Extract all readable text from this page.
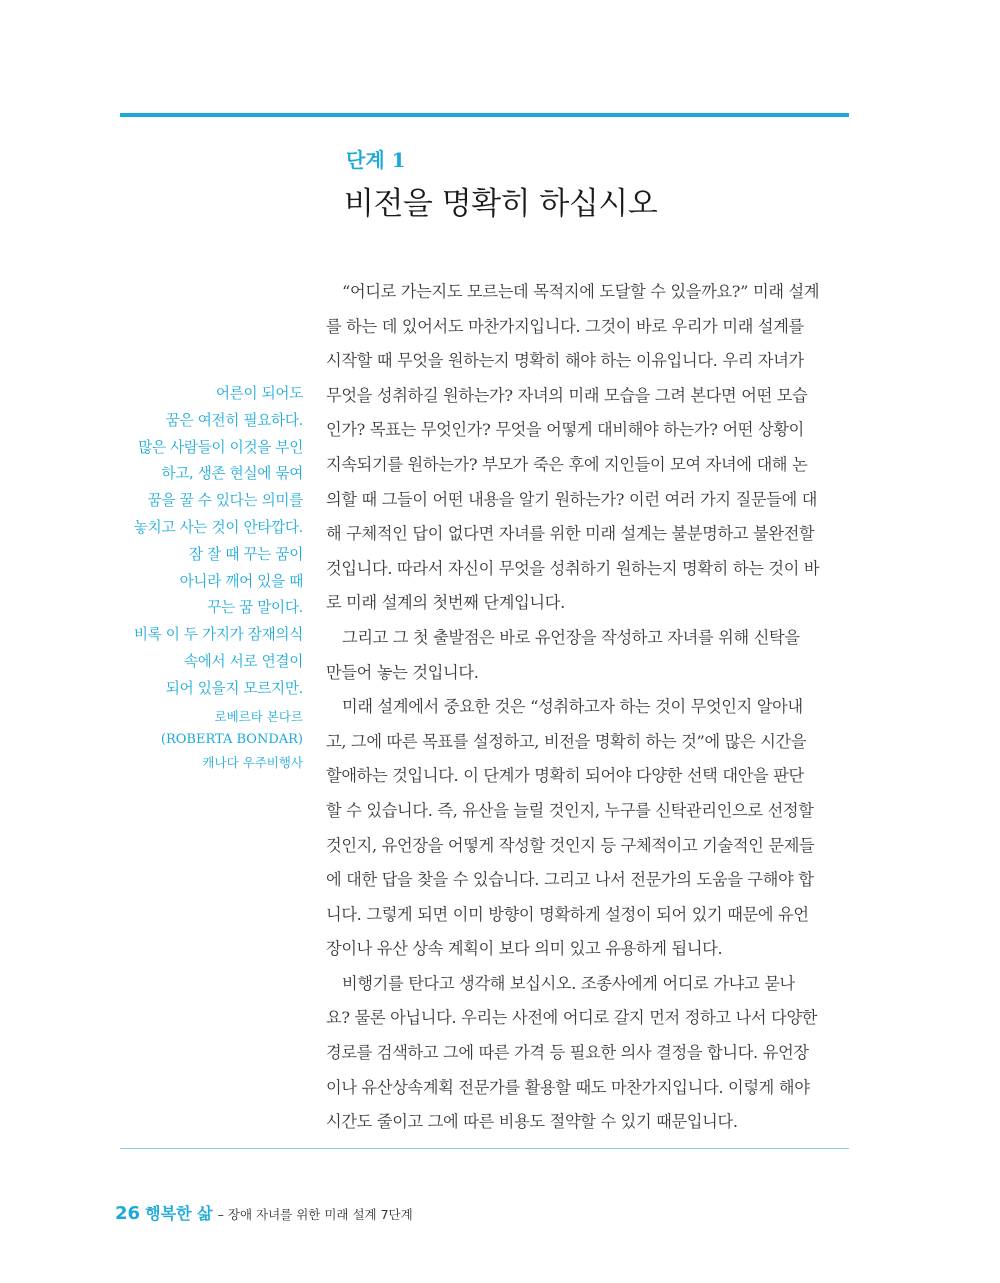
단계 1
비전을 명확히 하십시오
어른이 되어도
꿈은 여전히 필요하다.
많은 사람들이 이것을 부인
하고, 생존 현실에 묶여
꿈을 꿀 수 있다는 의미를
놓치고 사는 것이 안타깝다.
잠 잘 때 꾸는 꿈이
아니라 깨어 있을 때
꾸는 꿈 말이다.
비록 이 두 가지가 잠재의식
속에서 서로 연결이
되어 있을지 모르지만.
로베르타 본다르
(ROBERTA BONDAR)
캐나다 우주비행사

“어디로 가는지도 모르는데 목적지에 도달할 수 있을까요?” 미래 설계
를 하는 데 있어서도 마찬가지입니다. 그것이 바로 우리가 미래 설계를
시작할 때 무엇을 원하는지 명확히 해야 하는 이유입니다. 우리 자녀가
무엇을 성취하길 원하는가? 자녀의 미래 모습을 그려 본다면 어떤 모습
인가? 목표는 무엇인가? 무엇을 어떻게 대비해야 하는가? 어떤 상황이
지속되기를 원하는가? 부모가 죽은 후에 지인들이 모여 자녀에 대해 논
의할 때 그들이 어떤 내용을 알기 원하는가? 이런 여러 가지 질문들에 대
해 구체적인 답이 없다면 자녀를 위한 미래 설계는 불분명하고 불완전할
것입니다. 따라서 자신이 무엇을 성취하기 원하는지 명확히 하는 것이 바
로 미래 설계의 첫번째 단계입니다.

그리고 그 첫 출발점은 바로 유언장을 작성하고 자녀를 위해 신탁을
만들어 놓는 것입니다.

미래 설계에서 중요한 것은 “성취하고자 하는 것이 무엇인지 알아내
고, 그에 따른 목표를 설정하고, 비전을 명확히 하는 것”에 많은 시간을
할애하는 것입니다. 이 단계가 명확히 되어야 다양한 선택 대안을 판단
할 수 있습니다. 즉, 유산을 늘릴 것인지, 누구를 신탁관리인으로 선정할
것인지, 유언장을 어떻게 작성할 것인지 등 구체적이고 기술적인 문제들
에 대한 답을 찾을 수 있습니다. 그리고 나서 전문가의 도움을 구해야 합
니다. 그렇게 되면 이미 방향이 명확하게 설정이 되어 있기 때문에 유언
장이나 유산 상속 계획이 보다 의미 있고 유용하게 됩니다.

비행기를 탄다고 생각해 보십시오. 조종사에게 어디로 가냐고 묻나
요? 물론 아닙니다. 우리는 사전에 어디로 갈지 먼저 정하고 나서 다양한
경로를 검색하고 그에 따른 가격 등 필요한 의사 결정을 합니다. 유언장
이나 유산상속계획 전문가를 활용할 때도 마찬가지입니다. 이렇게 해야
시간도 줄이고 그에 따른 비용도 절약할 수 있기 때문입니다.

26 행복한 삶 – 장애 자녀를 위한 미래 설계 7단계
